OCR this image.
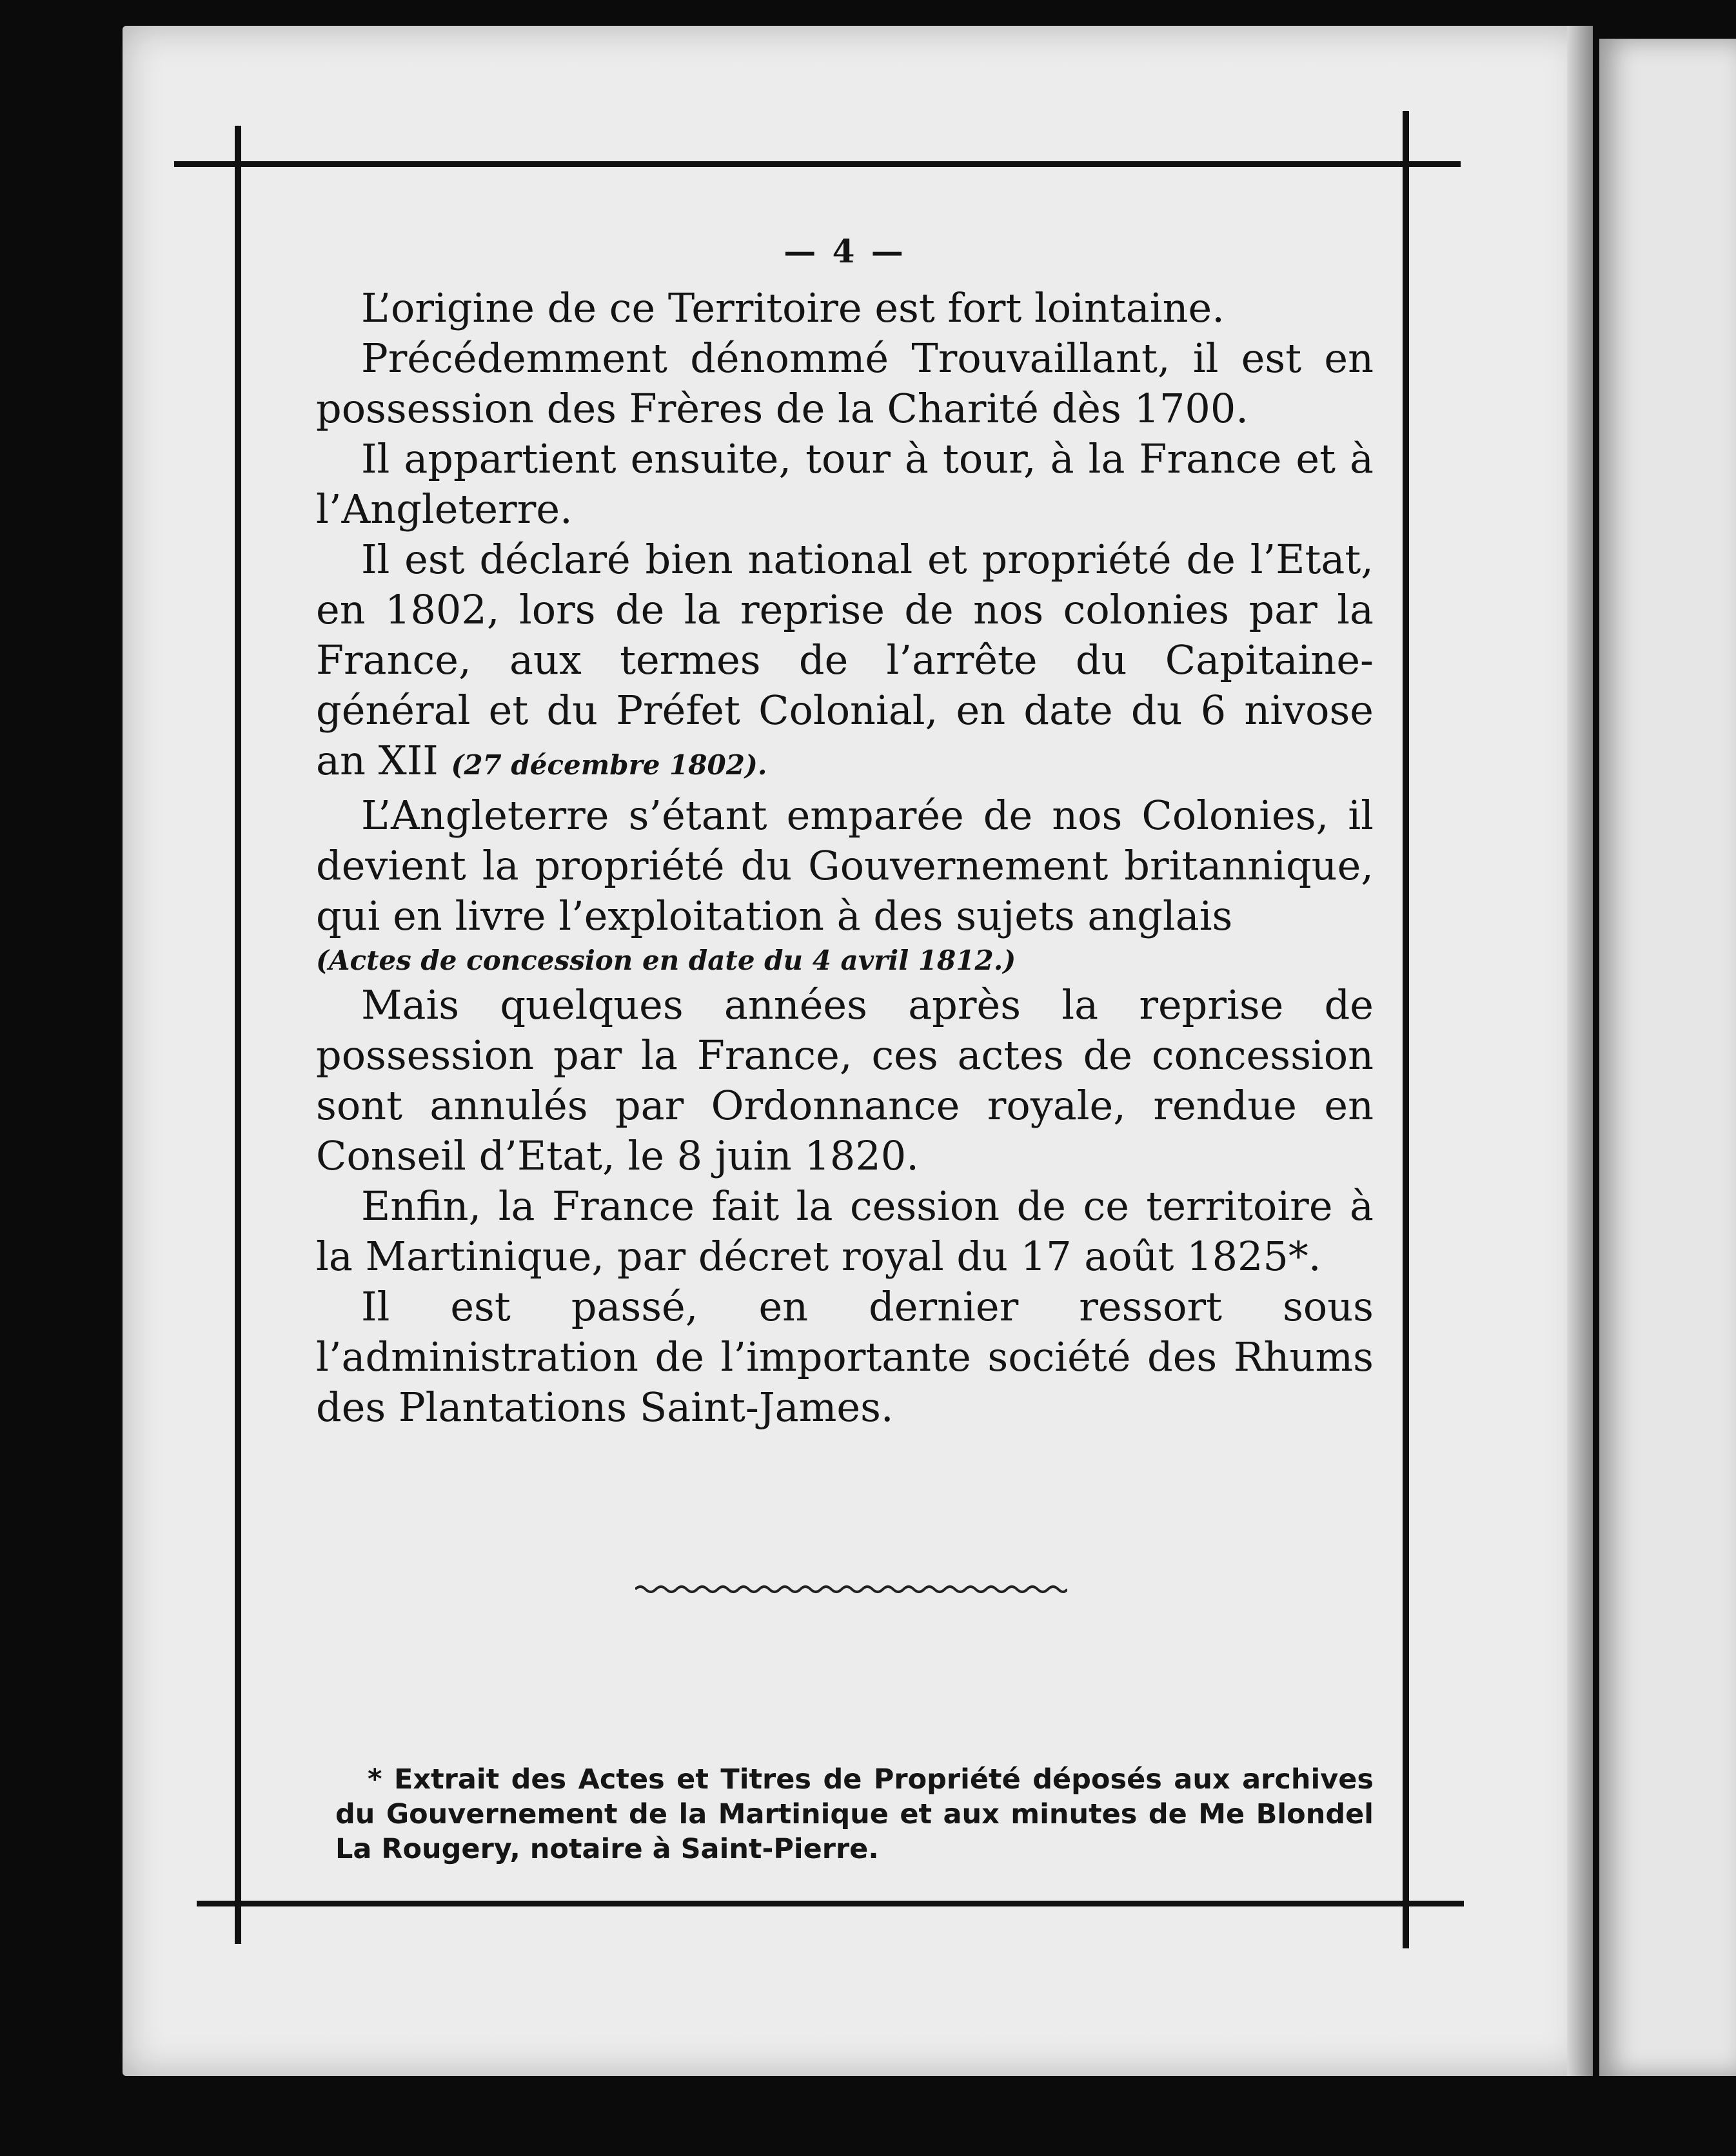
— 4 —

L’origine de ce Territoire est fort lointaine.

Précédemment dénommé Trouvaillant, il est en possession des Frères de la Charité dès 1700.

Il appartient ensuite, tour à tour, à la France et à l’Angleterre.

Il est déclaré bien national et propriété de l’Etat, en 1802, lors de la reprise de nos colonies par la France, aux termes de l’arrête du Capitaine-général et du Préfet Colonial, en date du 6 nivose an XII (27 décembre 1802).

L’Angleterre s’étant emparée de nos Colonies, il devient la propriété du Gouvernement britannique, qui en livre l’exploitation à des sujets anglais

(Actes de concession en date du 4 avril 1812.)

Mais quelques années après la reprise de possession par la France, ces actes de concession sont annulés par Ordonnance royale, rendue en Conseil d’Etat, le 8 juin 1820.

Enfin, la France fait la cession de ce territoire à la Martinique, par décret royal du 17 août 1825*.

Il est passé, en dernier ressort sous l’administration de l’importante société des Rhums des Plantations Saint-James.

* Extrait des Actes et Titres de Propriété déposés aux archives du Gouvernement de la Martinique et aux minutes de Me Blondel La Rougery, notaire à Saint-Pierre.
